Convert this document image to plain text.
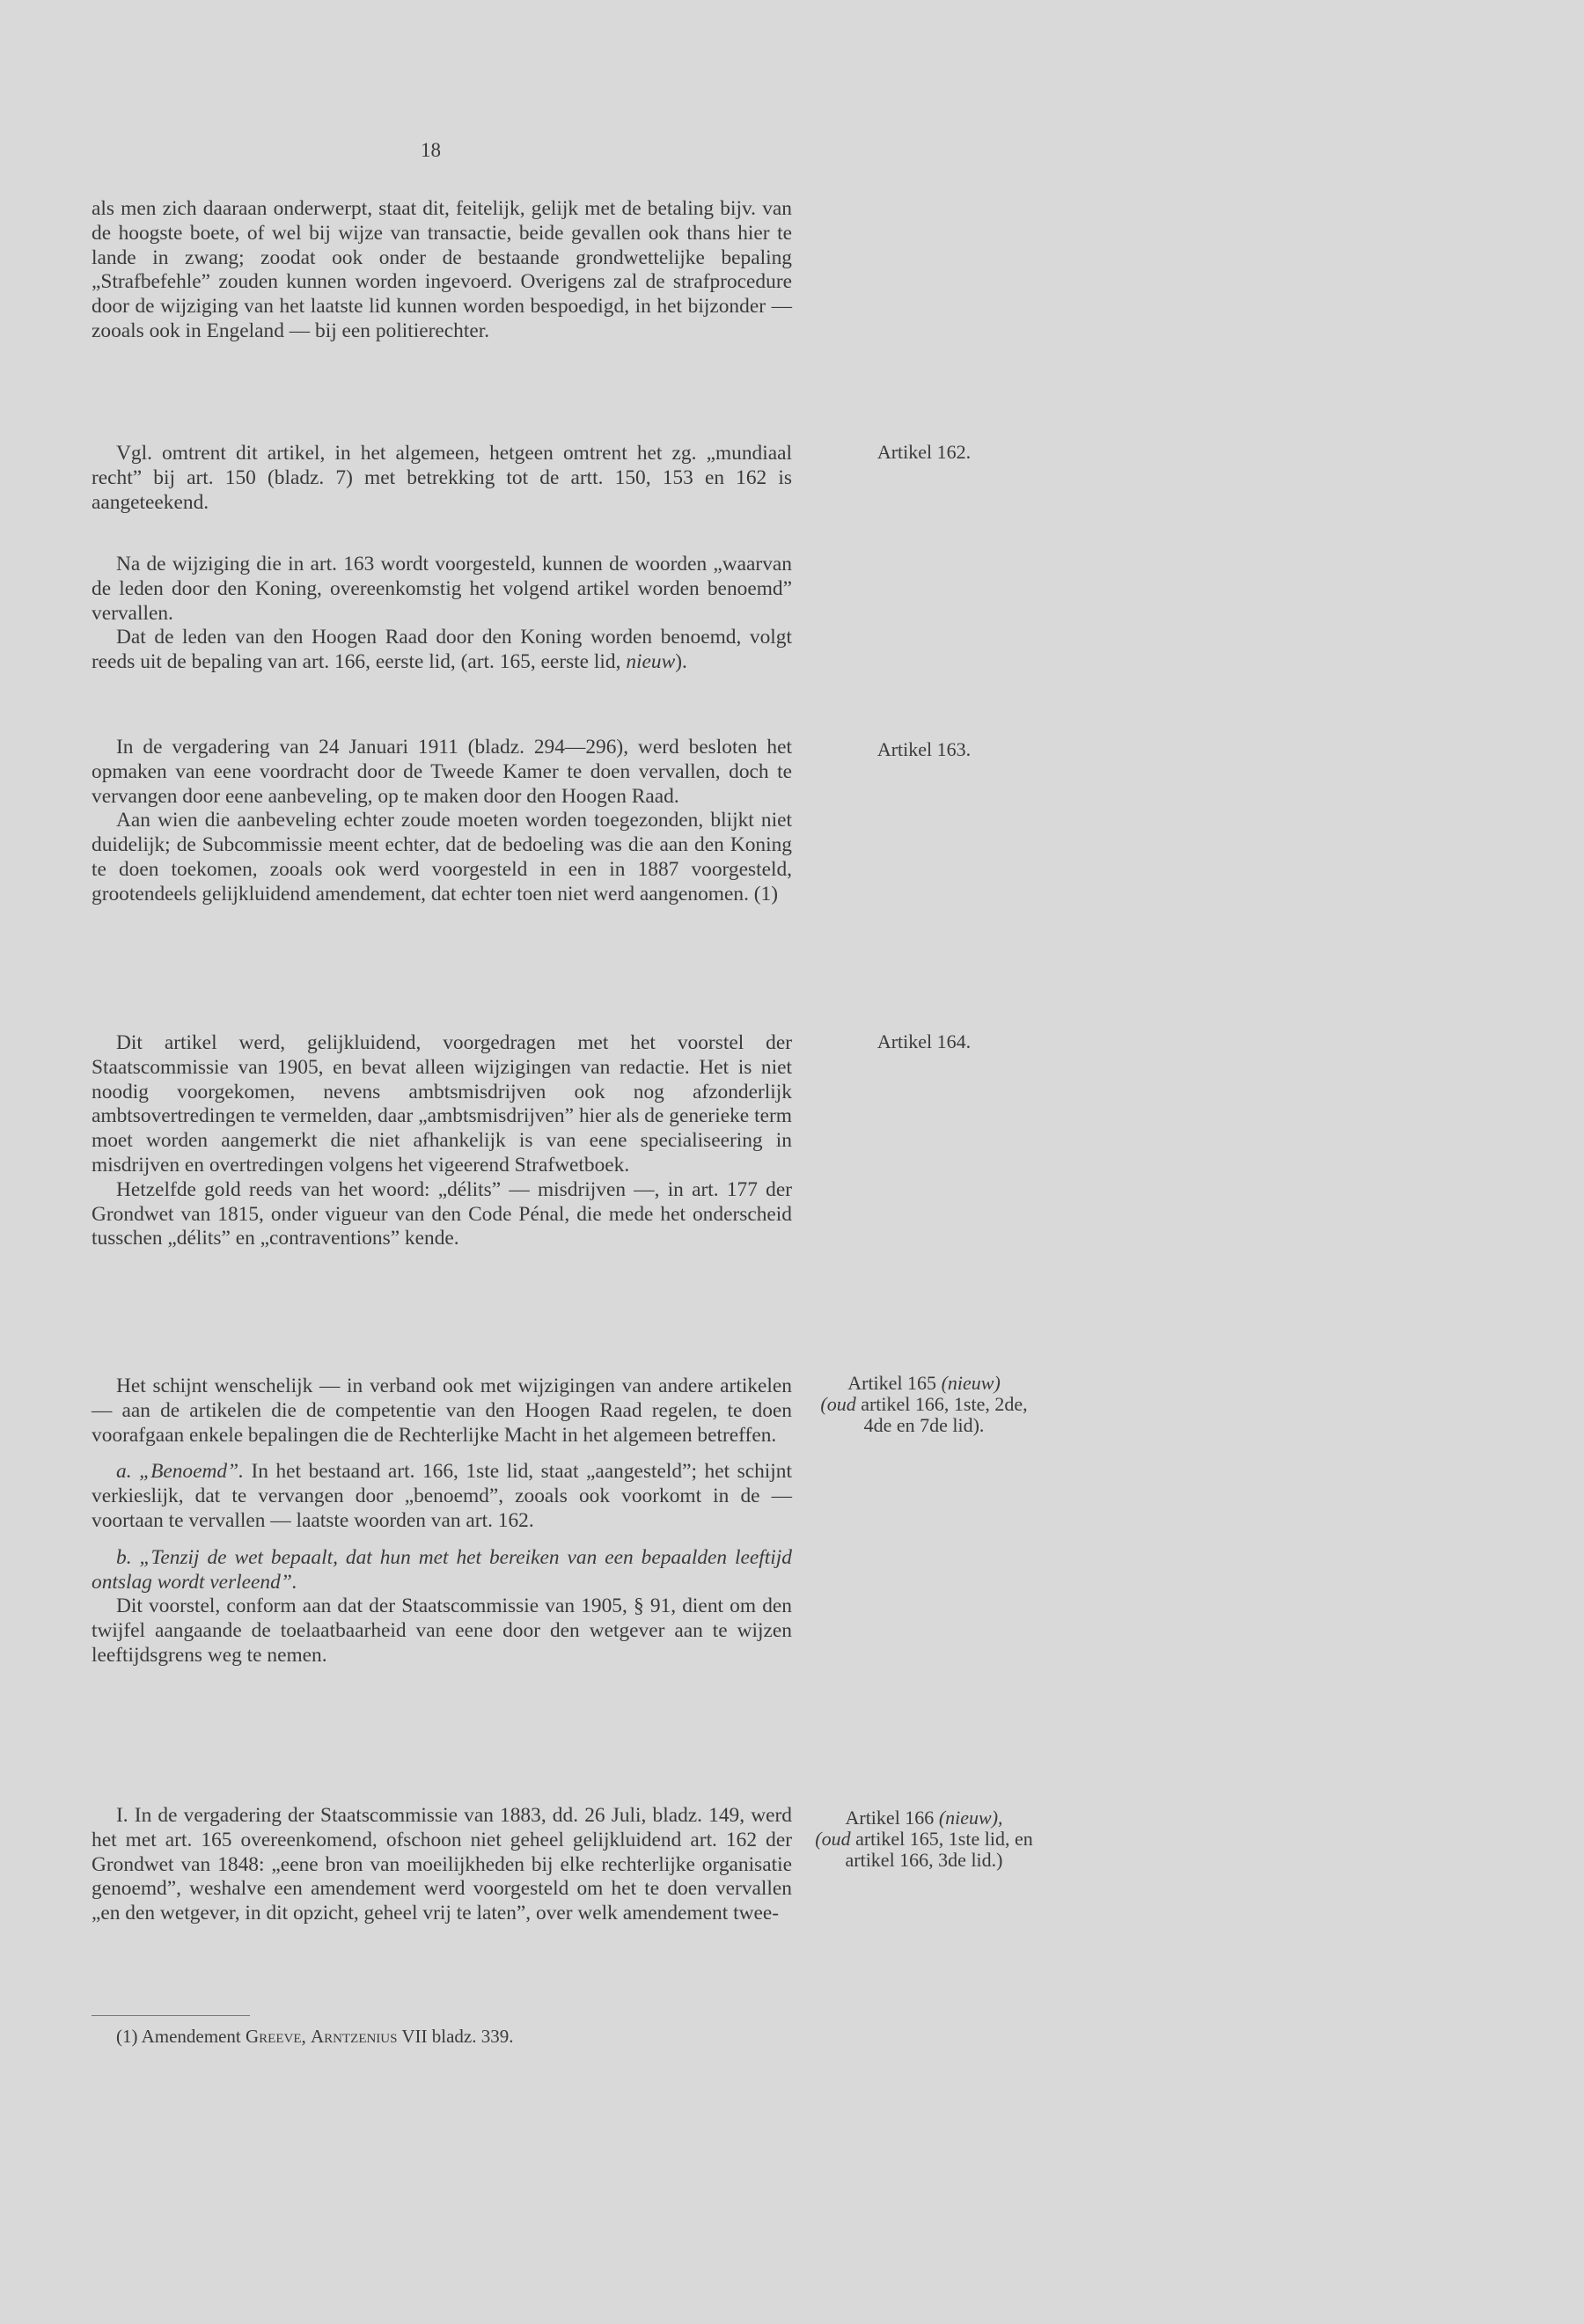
18

als men zich daaraan onderwerpt, staat dit, feitelijk, gelijk met de betaling bijv. van de hoogste boete, of wel bij wijze van transactie, beide gevallen ook thans hier te lande in zwang; zoodat ook onder de bestaande grondwettelijke bepaling „Strafbefehle” zouden kunnen worden ingevoerd. Overigens zal de strafprocedure door de wijziging van het laatste lid kunnen worden bespoedigd, in het bijzonder — zooals ook in Engeland — bij een politierechter.

Vgl. omtrent dit artikel, in het algemeen, hetgeen omtrent het zg. „mundiaal recht” bij art. 150 (bladz. 7) met betrekking tot de artt. 150, 153 en 162 is aangeteekend.

Artikel 162.

Na de wijziging die in art. 163 wordt voorgesteld, kunnen de woorden „waarvan de leden door den Koning, overeenkomstig het volgend artikel worden benoemd” vervallen.

Dat de leden van den Hoogen Raad door den Koning worden benoemd, volgt reeds uit de bepaling van art. 166, eerste lid, (art. 165, eerste lid, nieuw).

In de vergadering van 24 Januari 1911 (bladz. 294—296), werd besloten het opmaken van eene voordracht door de Tweede Kamer te doen vervallen, doch te vervangen door eene aanbeveling, op te maken door den Hoogen Raad.

Aan wien die aanbeveling echter zoude moeten worden toegezonden, blijkt niet duidelijk; de Subcommissie meent echter, dat de bedoeling was die aan den Koning te doen toekomen, zooals ook werd voorgesteld in een in 1887 voorgesteld, grootendeels gelijkluidend amendement, dat echter toen niet werd aangenomen. (1)

Artikel 163.

Dit artikel werd, gelijkluidend, voorgedragen met het voorstel der Staatscommissie van 1905, en bevat alleen wijzigingen van redactie. Het is niet noodig voorgekomen, nevens ambtsmisdrijven ook nog afzonderlijk ambtsovertredingen te vermelden, daar „ambtsmisdrijven” hier als de generieke term moet worden aangemerkt die niet afhankelijk is van eene specialiseering in misdrijven en overtredingen volgens het vigeerend Strafwetboek.

Hetzelfde gold reeds van het woord: „délits” — misdrijven —, in art. 177 der Grondwet van 1815, onder vigueur van den Code Pénal, die mede het onderscheid tusschen „délits” en „contraventions” kende.

Artikel 164.

Het schijnt wenschelijk — in verband ook met wijzigingen van andere artikelen — aan de artikelen die de competentie van den Hoogen Raad regelen, te doen voorafgaan enkele bepalingen die de Rechterlijke Macht in het algemeen betreffen.

a. „Benoemd”. In het bestaand art. 166, 1ste lid, staat „aangesteld”; het schijnt verkieslijk, dat te vervangen door „benoemd”, zooals ook voorkomt in de — voortaan te vervallen — laatste woorden van art. 162.

b. „Tenzij de wet bepaalt, dat hun met het bereiken van een bepaalden leeftijd ontslag wordt verleend”.

Dit voorstel, conform aan dat der Staatscommissie van 1905, § 91, dient om den twijfel aangaande de toelaatbaarheid van eene door den wetgever aan te wijzen leeftijdsgrens weg te nemen.

Artikel 165 (nieuw)
(oud artikel 166, 1ste, 2de, 4de en 7de lid).

I. In de vergadering der Staatscommissie van 1883, dd. 26 Juli, bladz. 149, werd het met art. 165 overeenkomend, ofschoon niet geheel gelijkluidend art. 162 der Grondwet van 1848: „eene bron van moeilijkheden bij elke rechterlijke organisatie genoemd”, weshalve een amendement werd voorgesteld om het te doen vervallen „en den wetgever, in dit opzicht, geheel vrij te laten”, over welk amendement twee-

Artikel 166 (nieuw),
(oud artikel 165, 1ste lid, en artikel 166, 3de lid.)
(1) Amendement Greeve, Arntzenius VII bladz. 339.
